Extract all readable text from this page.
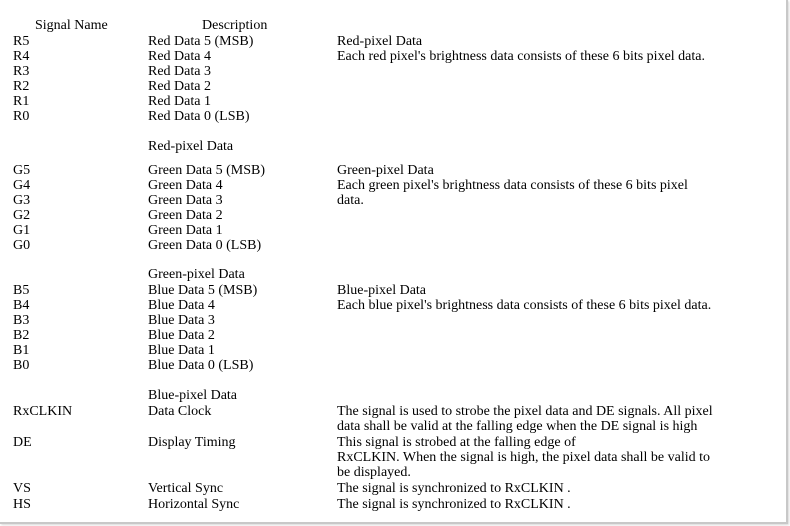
Signal Name	Description
R5	Red Data 5 (MSB)	Red-pixel Data
R4	Red Data 4	Each red pixel's brightness data consists of these 6 bits pixel data.
R3	Red Data 3
R2	Red Data 2
R1	Red Data 1
R0	Red Data 0 (LSB)
Red-pixel Data
G5	Green Data 5 (MSB)	Green-pixel Data
G4	Green Data 4	Each green pixel's brightness data consists of these 6 bits pixel
G3	Green Data 3	data.
G2	Green Data 2
G1	Green Data 1
G0	Green Data 0 (LSB)
Green-pixel Data
B5	Blue Data 5 (MSB)	Blue-pixel Data
B4	Blue Data 4	Each blue pixel's brightness data consists of these 6 bits pixel data.
B3	Blue Data 3
B2	Blue Data 2
B1	Blue Data 1
B0	Blue Data 0 (LSB)
Blue-pixel Data
RxCLKIN	Data Clock	The signal is used to strobe the pixel data and DE signals. All pixel
data shall be valid at the falling edge when the DE signal is high
DE	Display Timing	This signal is strobed at the falling edge of
RxCLKIN. When the signal is high, the pixel data shall be valid to
be displayed.
VS	Vertical Sync	The signal is synchronized to RxCLKIN .
HS	Horizontal Sync	The signal is synchronized to RxCLKIN .
